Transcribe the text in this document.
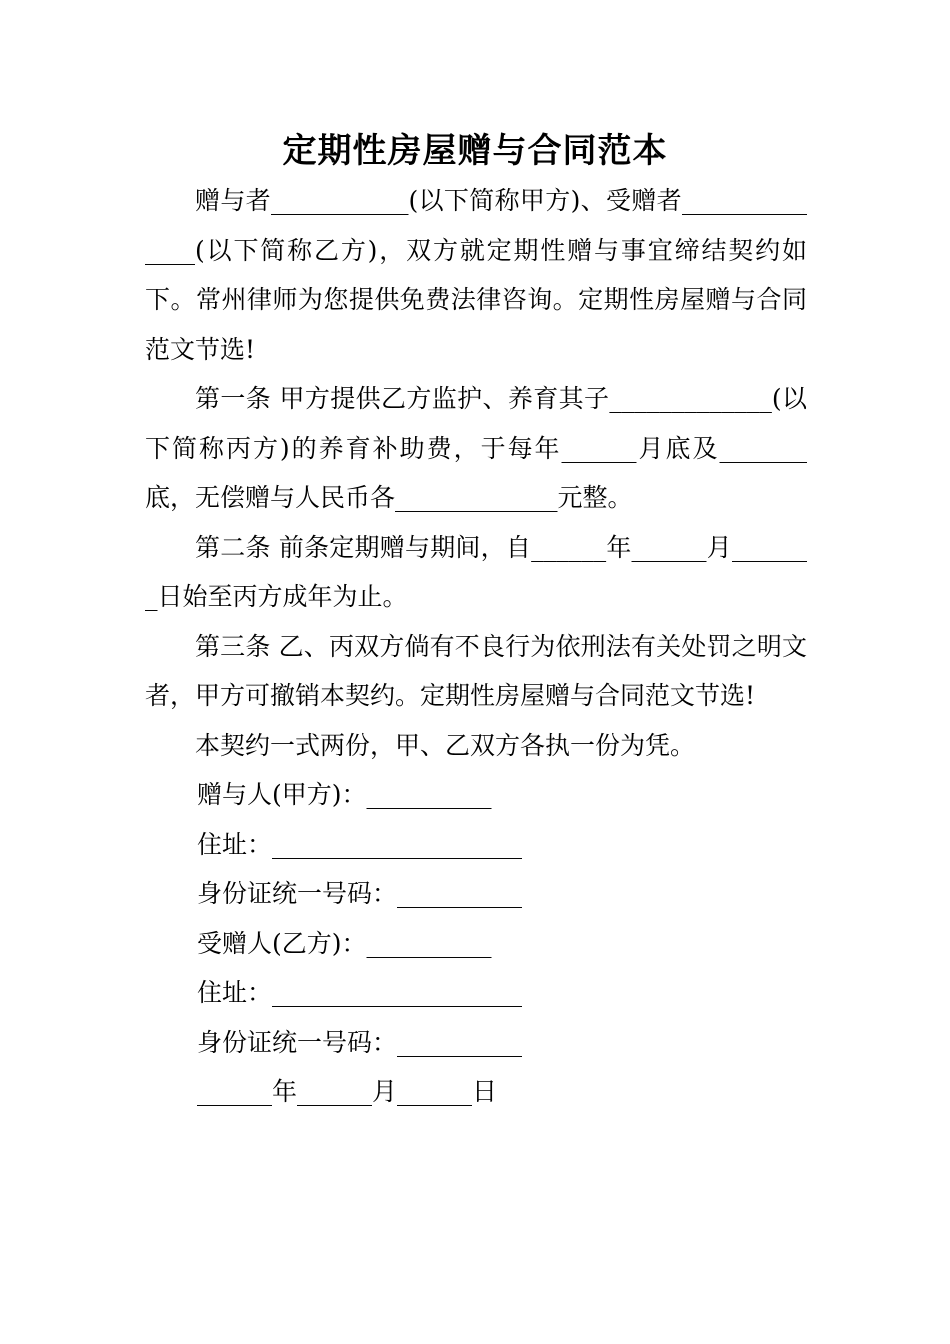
定期性房屋赠与合同范本

赠与者___________(以下简称甲方)、受赠者______________(以下简称乙方)，双方就定期性赠与事宜缔结契约如下。常州律师为您提供免费法律咨询。定期性房屋赠与合同范文节选!

第一条 甲方提供乙方监护、养育其子_____________(以下简称丙方)的养育补助费，于每年______月底及_______底，无偿赠与人民币各_____________元整。

第二条 前条定期赠与期间，自______年______月_______日始至丙方成年为止。

第三条 乙、丙双方倘有不良行为依刑法有关处罚之明文者，甲方可撤销本契约。定期性房屋赠与合同范文节选!

本契约一式两份，甲、乙双方各执一份为凭。

赠与人(甲方)：__________
住址：____________________
身份证统一号码：__________
受赠人(乙方)：__________
住址：____________________
身份证统一号码：__________
______年______月______日
